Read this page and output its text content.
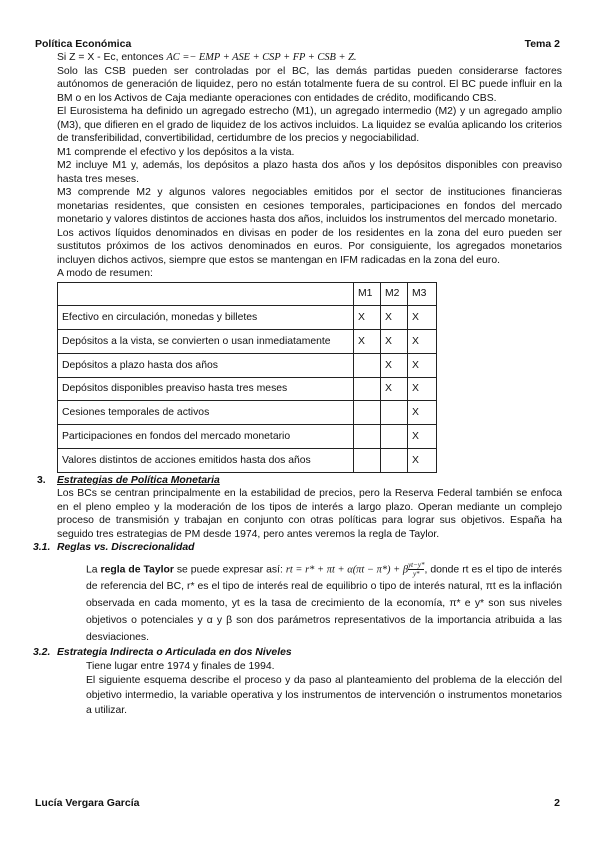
Política Económica	Tema 2

Si Z = X - Ec, entonces AC =− EMP + ASE + CSP + FP + CSB + Z.

Solo las CSB pueden ser controladas por el BC, las demás partidas pueden considerarse factores autónomos de generación de liquidez, pero no están totalmente fuera de su control. El BC puede influir en la BM o en los Activos de Caja mediante operaciones con entidades de crédito, modificando CBS.

El Eurosistema ha definido un agregado estrecho (M1), un agregado intermedio (M2) y un agregado amplio (M3), que difieren en el grado de liquidez de los activos incluidos. La liquidez se evalúa aplicando los criterios de transferibilidad, convertibilidad, certidumbre de los precios y negociabilidad.

M1 comprende el efectivo y los depósitos a la vista.

M2 incluye M1 y, además, los depósitos a plazo hasta dos años y los depósitos disponibles con preaviso hasta tres meses.

M3 comprende M2 y algunos valores negociables emitidos por el sector de instituciones financieras monetarias residentes, que consisten en cesiones temporales, participaciones en fondos del mercado monetario y valores distintos de acciones hasta dos años, incluidos los instrumentos del mercado monetario.

Los activos líquidos denominados en divisas en poder de los residentes en la zona del euro pueden ser sustitutos próximos de los activos denominados en euros. Por consiguiente, los agregados monetarios incluyen dichos activos, siempre que estos se mantengan en IFM radicadas en la zona del euro.

A modo de resumen:

	M1	M2	M3
Efectivo en circulación, monedas y billetes	X	X	X
Depósitos a la vista, se convierten o usan inmediatamente	X	X	X
Depósitos a plazo hasta dos años		X	X
Depósitos disponibles preaviso hasta tres meses		X	X
Cesiones temporales de activos			X
Participaciones en fondos del mercado monetario			X
Valores distintos de acciones emitidos hasta dos años			X
3. Estrategias de Política Monetaria

Los BCs se centran principalmente en la estabilidad de precios, pero la Reserva Federal también se enfoca en el pleno empleo y la moderación de los tipos de interés a largo plazo. Operan mediante un complejo proceso de transmisión y trabajan en conjunto con otras políticas para lograr sus objetivos. España ha seguido tres estrategias de PM desde 1974, pero antes veremos la regla de Taylor.

3.1. Reglas vs. Discrecionalidad

La regla de Taylor se puede expresar así: rt = r* + πt + α(πt − π*) + β $\frac{yt-y*}{y*}$ , donde rt es el tipo de interés de referencia del BC, r* es el tipo de interés real de equilibrio o tipo de interés natural, πt es la inflación observada en cada momento, yt es la tasa de crecimiento de la economía, π* e y* son sus niveles objetivos o potenciales y α y β son dos parámetros representativos de la importancia atribuida a las desviaciones.

3.2. Estrategia Indirecta o Articulada en dos Niveles

Tiene lugar entre 1974 y finales de 1994.

El siguiente esquema describe el proceso y da paso al planteamiento del problema de la elección del objetivo intermedio, la variable operativa y los instrumentos de intervención o instrumentos monetarios a utilizar.

Lucía Vergara García	2
